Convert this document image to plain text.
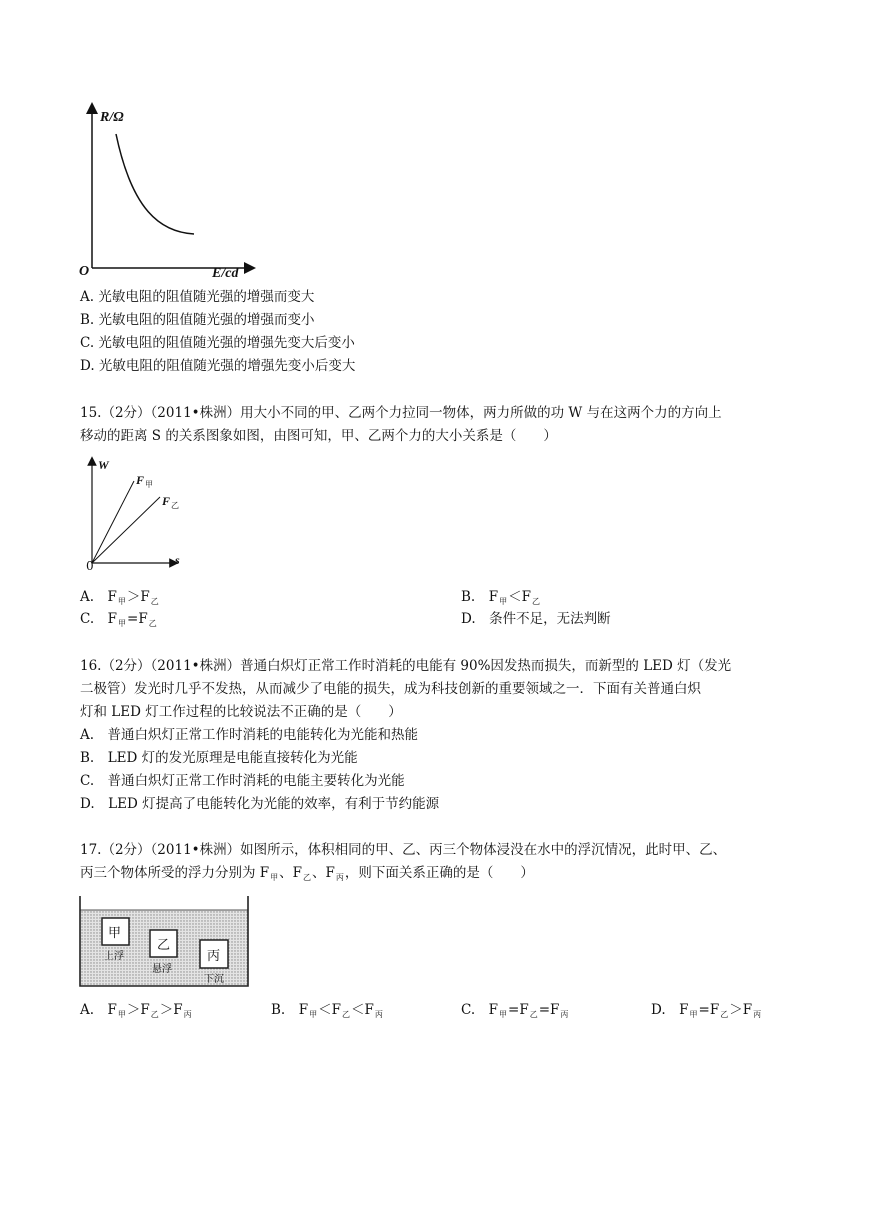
R/Ω
E/cd
O
A. 光敏电阻的阻值随光强的增强而变大
B. 光敏电阻的阻值随光强的增强而变小
C. 光敏电阻的阻值随光强的增强先变大后变小
D. 光敏电阻的阻值随光强的增强先变小后变大
15.（2分）（2011•株洲）用大小不同的甲、乙两个力拉同一物体，两力所做的功 W 与在这两个力的方向上
移动的距离 S 的关系图象如图，由图可知，甲、乙两个力的大小关系是（　　）
W
s
0
$F_甲$
$F_乙$
A.　$F_甲>F_乙$	B.　$F_甲<F_乙$
C.　$F_甲=F_乙$	D.　条件不足，无法判断
16.（2分）（2011•株洲）普通白炽灯正常工作时消耗的电能有 90%因发热而损失，而新型的 LED 灯（发光
二极管）发光时几乎不发热，从而减少了电能的损失，成为科技创新的重要领域之一．下面有关普通白炽
灯和 LED 灯工作过程的比较说法不正确的是（　　）
A.　普通白炽灯正常工作时消耗的电能转化为光能和热能
B.　LED 灯的发光原理是电能直接转化为光能
C.　普通白炽灯正常工作时消耗的电能主要转化为光能
D.　LED 灯提高了电能转化为光能的效率，有利于节约能源
17.（2分）（2011•株洲）如图所示，体积相同的甲、乙、丙三个物体浸没在水中的浮沉情况，此时甲、乙、
丙三个物体所受的浮力分别为 $F_甲$、$F_乙$、$F_丙$，则下面关系正确的是（　　）
甲
上浮
乙
悬浮
丙
下沉
A.　$F_甲>F_乙>F_丙$	B.　$F_甲<F_乙<F_丙$	C.　$F_甲=F_乙=F_丙$	D.　$F_甲=F_乙>F_丙$
